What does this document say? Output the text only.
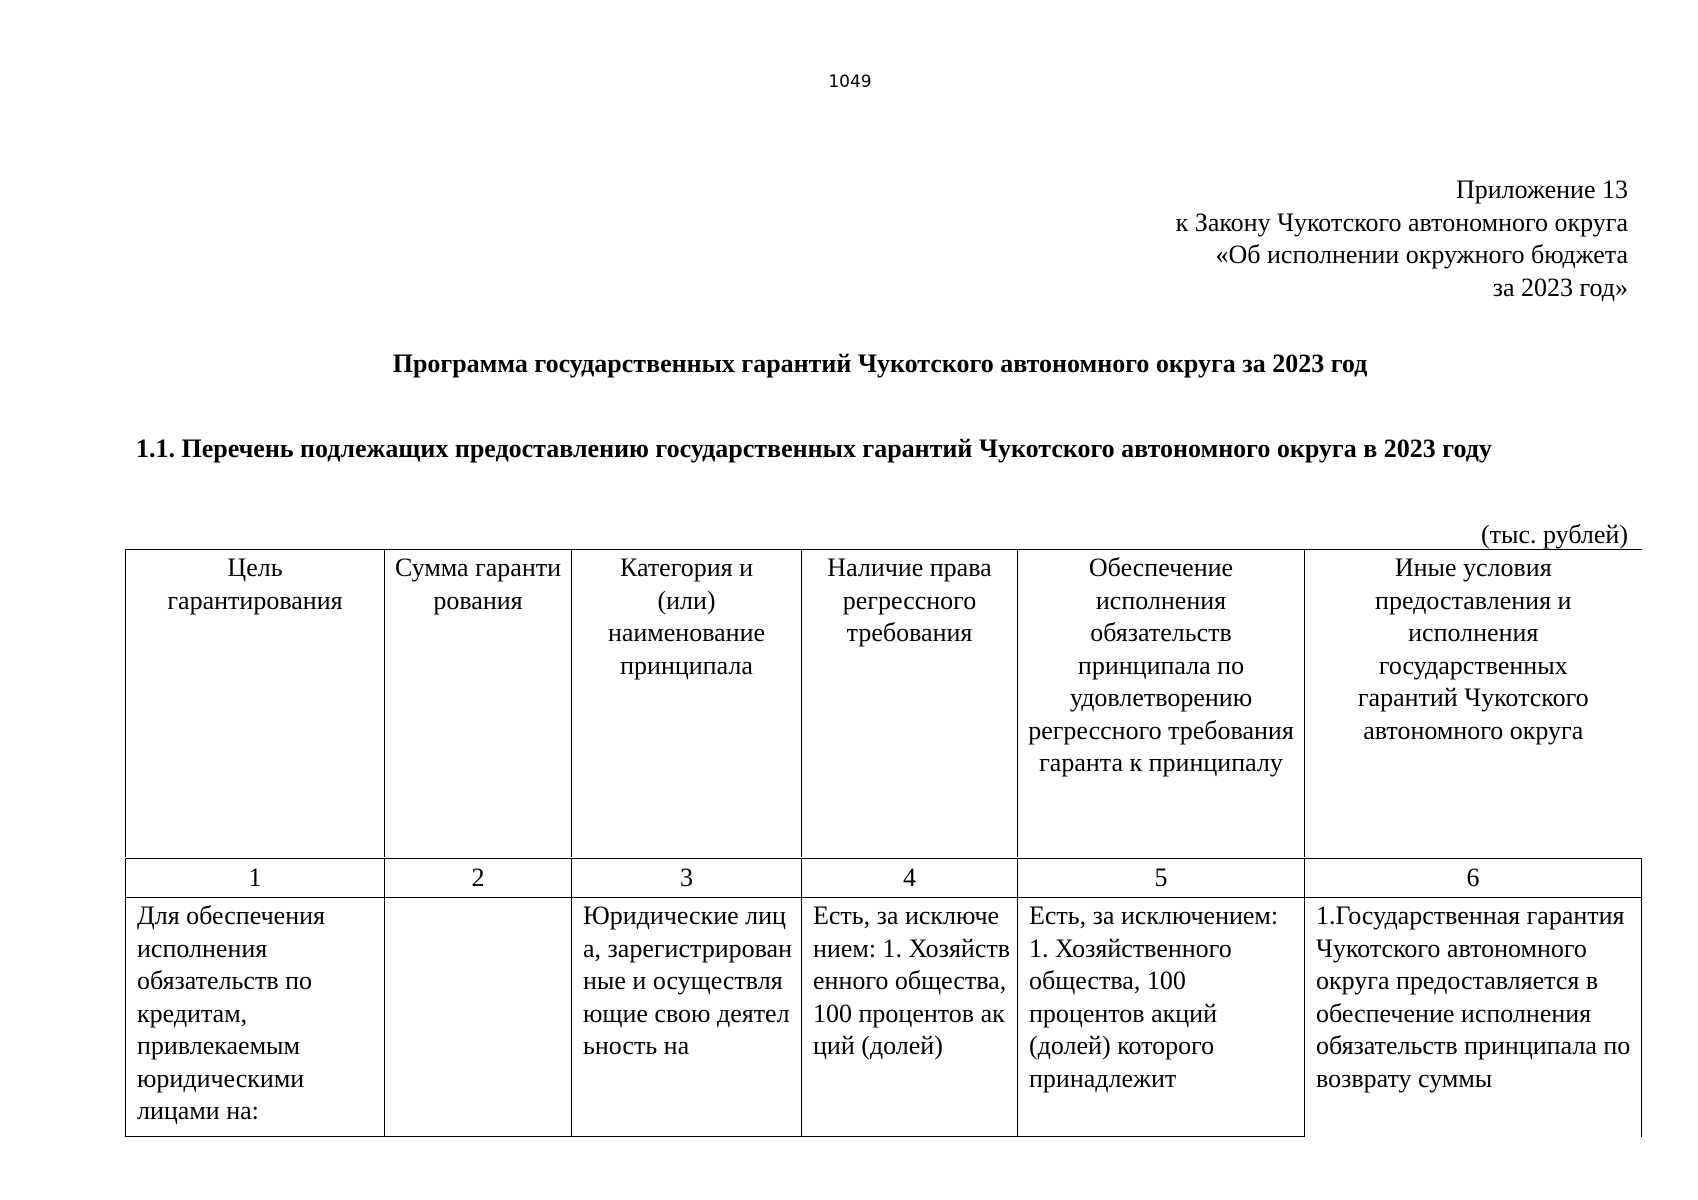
1049
Приложение 13
к Закону Чукотского автономного округа
«Об исполнении окружного бюджета
за 2023 год»
Программа государственных гарантий Чукотского автономного округа за 2023 год
1.1. Перечень подлежащих предоставлению государственных гарантий Чукотского автономного округа в 2023 году
(тыс. рублей)
Цель гарантирования	Сумма гарантирования	Категория и (или) наименование принципала	Наличие права регрессного требования	Обеспечение исполнения обязательств принципала по удовлетворению регрессного требования гаранта к принципалу	Иные условия предоставления и исполнения государственных гарантий Чукотского автономного округа
1	2	3	4	5	6
Для обеспечения исполнения обязательств по кредитам, привлекаемым юридическими лицами на:		Юридические лица, зарегистрированные и осуществляющие свою деятельность на	Есть, за исключением: 1. Хозяйственного общества, 100 процентов акций (долей)	Есть, за исключением: 1. Хозяйственного общества, 100 процентов акций (долей) которого принадлежит	1.Государственная гарантия Чукотского автономного округа предоставляется в обеспечение исполнения обязательств принципала по возврату суммы
